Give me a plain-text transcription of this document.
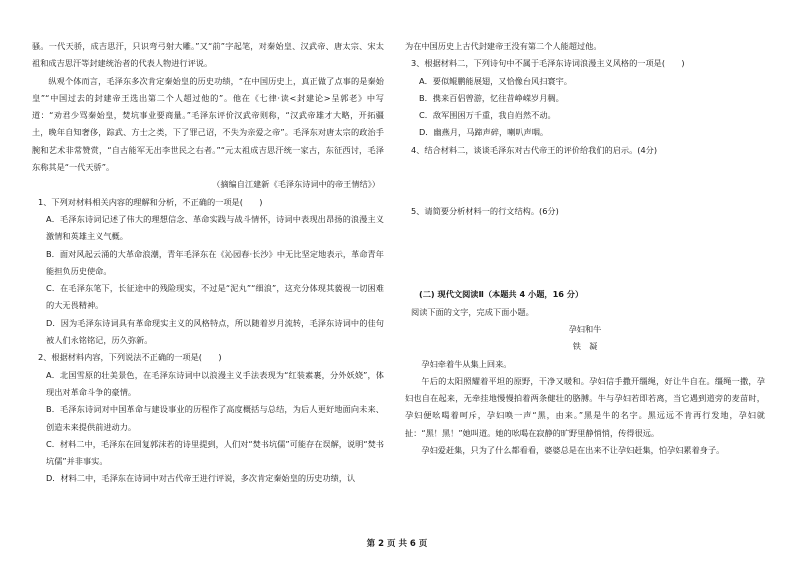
骚。一代天骄，成吉思汗，只识弯弓射大雕。”又“前”字起笔，对秦始皇、汉武帝、唐太宗、宋太祖和成吉思汗等封建统治者的代表人物进行评说。

纵观个体而言，毛泽东多次肯定秦始皇的历史功绩，“在中国历史上，真正做了点事的是秦始皇”“中国过去的封建帝王选出第二个人超过他的”。他在《七律·读<封建论>呈郭老》中写道：“劝君少骂秦始皇，焚坑事业要商量。”毛泽东评价汉武帝则称，“汉武帝雄才大略，开拓疆土，晚年自知奢侈，踪武、方士之类，下了罪己诏，不失为亲爱之帝”。毛泽东对唐太宗的政治手腕和艺术非常赞赏，“自古能军无出李世民之右者。”“元太祖成吉思汗统一家古，东征西讨，毛泽东称其是“一代天骄”。

（摘编自江建新《毛泽东诗词中的帝王情结》）

1、下列对材料相关内容的理解和分析，不正确的一项是(　　)

A．毛泽东诗词记述了伟大的理想信念、革命实践与战斗情怀，诗词中表现出昂扬的浪漫主义激情和英雄主义气概。

B．面对风起云涌的大革命浪潮，青年毛泽东在《沁园春·长沙》中无比坚定地表示，革命青年能担负历史使命。

C．在毛泽东笔下，长征途中的残险现实，不过是“泥丸”“细浪”，这充分体现其藐视一切困难的大无畏精神。

D．因为毛泽东诗词具有革命现实主义的风格特点，所以随着岁月流转，毛泽东诗词中的佳句被人们永铭铭记，历久弥新。

2、根据材料内容，下列说法不正确的一项是(　　)

A．北国雪原的壮美景色，在毛泽东诗词中以浪漫主义手法表现为“红装素裹，分外妖娆”，体现出对革命斗争的豪情。

B．毛泽东诗词对中国革命与建设事业的历程作了高度概括与总结，为后人更好地面向未来、创造未来提供前进动力。

C．材料二中，毛泽东在回复郭沫若的诗里提到，人们对“焚书坑儒”可能存在误解，说明“焚书坑儒”并非事实。

D．材料二中，毛泽东在诗词中对古代帝王进行评说，多次肯定秦始皇的历史功绩，认

为在中国历史上古代封建帝王没有第二个人能超过他。

3、根据材料二，下列诗句中不属于毛泽东诗词浪漫主义风格的一项是(　　)

A．要似鲲鹏能展翅，又恰像台风扫寰宇。

B．携来百侣曾游，忆往昔峥嵘岁月稠。

C．敌军围困万千重，我自岿然不动。

D．幽燕月，马蹄声碎，喇叭声咽。

4、结合材料二，谈谈毛泽东对古代帝王的评价给我们的启示。(4分)

5、请简要分析材料一的行文结构。(6分)

(二) 现代文阅读Ⅱ（本题共 4 小题，16 分）

阅读下面的文字，完成下面小题。

孕妇和牛

铁　凝

孕妇牵着牛从集上回来。

午后的太阳照耀着平坦的原野，干净又暖和。孕妇信手撒开缰绳，好让牛自在。缰绳一撒，孕妇也自在起来，无牵挂地慢慢拍着两条健壮的胳膊。牛与孕妇若即若离，当它遇到道旁的麦苗时，孕妇便吆喝着呵斥，孕妇唤一声“黑，由来。”黑是牛的名字。黑远远不肯再行发地，孕妇就扯：“黑！黑！”她叫道。她的吆喝在寂静的旷野里静悄悄，传得很远。

孕妇爱赶集，只为了什么都看看，婆婆总是在出来不让孕妇赶集，怕孕妇累着身子。

第 2 页 共 6 页
